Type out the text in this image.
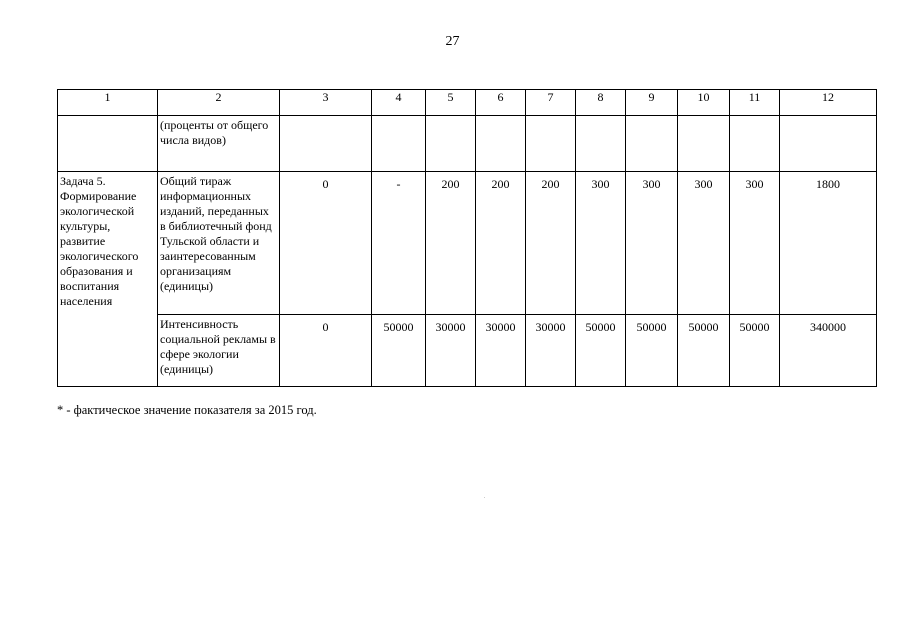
27
1	2	3	4	5	6	7	8	9	10	11	12
	(проценты от общего числа видов)										
Задача 5. Формирование экологической культуры, развитие экологического образования и воспитания населения	Общий тираж информационных изданий, переданных в библиотечный фонд Тульской области и заинтересованным организациям (единицы)	0	-	200	200	200	300	300	300	300	1800
	Интенсивность социальной рекламы в сфере экологии (единицы)	0	50000	30000	30000	30000	50000	50000	50000	50000	340000
* - фактическое значение показателя за 2015 год.
